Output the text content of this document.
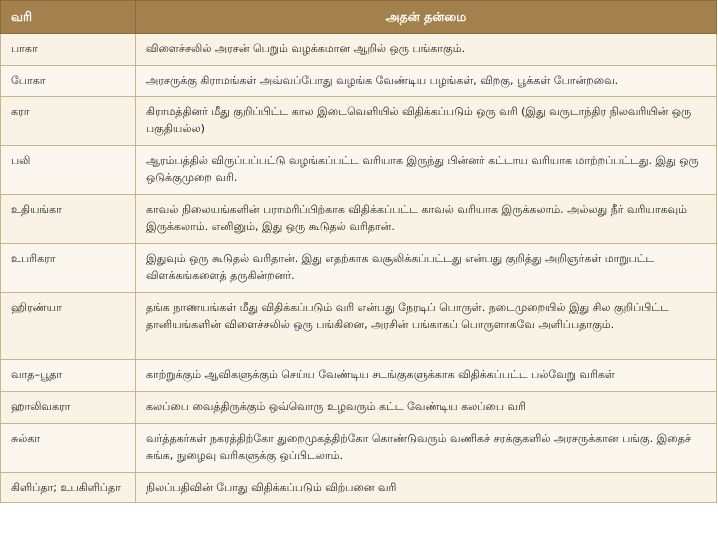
வரி	அதன் தன்மை
பாகா	விளைச்சலில் அரசன் பெறும் வழக்கமான ஆறில் ஒரு பங்காகும்.
போகா	அரசருக்கு கிராமங்கள் அவ்வப்போது வழங்க வேண்டிய பழங்கள், விறகு, பூக்கள் போன்றவை.
கரா	கிராமத்தினர் மீது குறிப்பிட்ட கால இடைவெளியில் விதிக்கப்படும் ஒரு வரி (இது வருடாந்திர நிலவரியின் ஒரு பகுதியல்ல)
பலி	ஆரம்பத்தில் விருப்பப்பட்டு வழங்கப்பட்ட வரியாக இருந்து பின்னர் கட்டாய வரியாக மாற்றப்பட்டது. இது ஒரு ஒடுக்குமுறை வரி.
உதியங்கா	காவல் நிலையங்களின் பராமரிப்பிற்காக விதிக்கப்பட்ட காவல் வரியாக இருக்கலாம். அல்லது நீர் வரியாகவும் இருக்கலாம். எனினும், இது ஒரு கூடுதல் வரிதான்.
உபரிகரா	இதுவும் ஒரு கூடுதல் வரிதான். இது எதற்காக வசூலிக்கப்பட்டது என்பது குறித்து அறிஞர்கள் மாறுபட்ட விளக்கங்களைத் தருகின்றனர்.
ஹிரண்யா	தங்க நாணயங்கள் மீது விதிக்கப்படும் வரி என்பது நேரடிப் பொருள். நடைமுறையில் இது சில குறிப்பிட்ட தானியங்களின் விளைச்சலில் ஒரு பங்கினை, அரசின் பங்காகப் பொருளாகவே அளிப்பதாகும்.
வாத–பூதா	காற்றுக்கும் ஆவிகளுக்கும் செய்ய வேண்டிய சடங்குகளுக்காக விதிக்கப்பட்ட பல்வேறு வரிகள்
ஹாலிவகரா	கலப்பை வைத்திருக்கும் ஒவ்வொரு உழவரும் கட்ட வேண்டிய கலப்பை வரி
சுல்கா	வர்த்தகர்கள் நகரத்திற்கோ துறைமுகத்திற்கோ கொண்டுவரும் வணிகச் சரக்குகளில் அரசருக்கான பங்கு. இதைச் சுங்க, நுழைவு வரிகளுக்கு ஒப்பிடலாம்.
கிளிப்தா; உபகிளிப்தா	நிலப்பதிவின் போது விதிக்கப்படும் விற்பனை வரி
